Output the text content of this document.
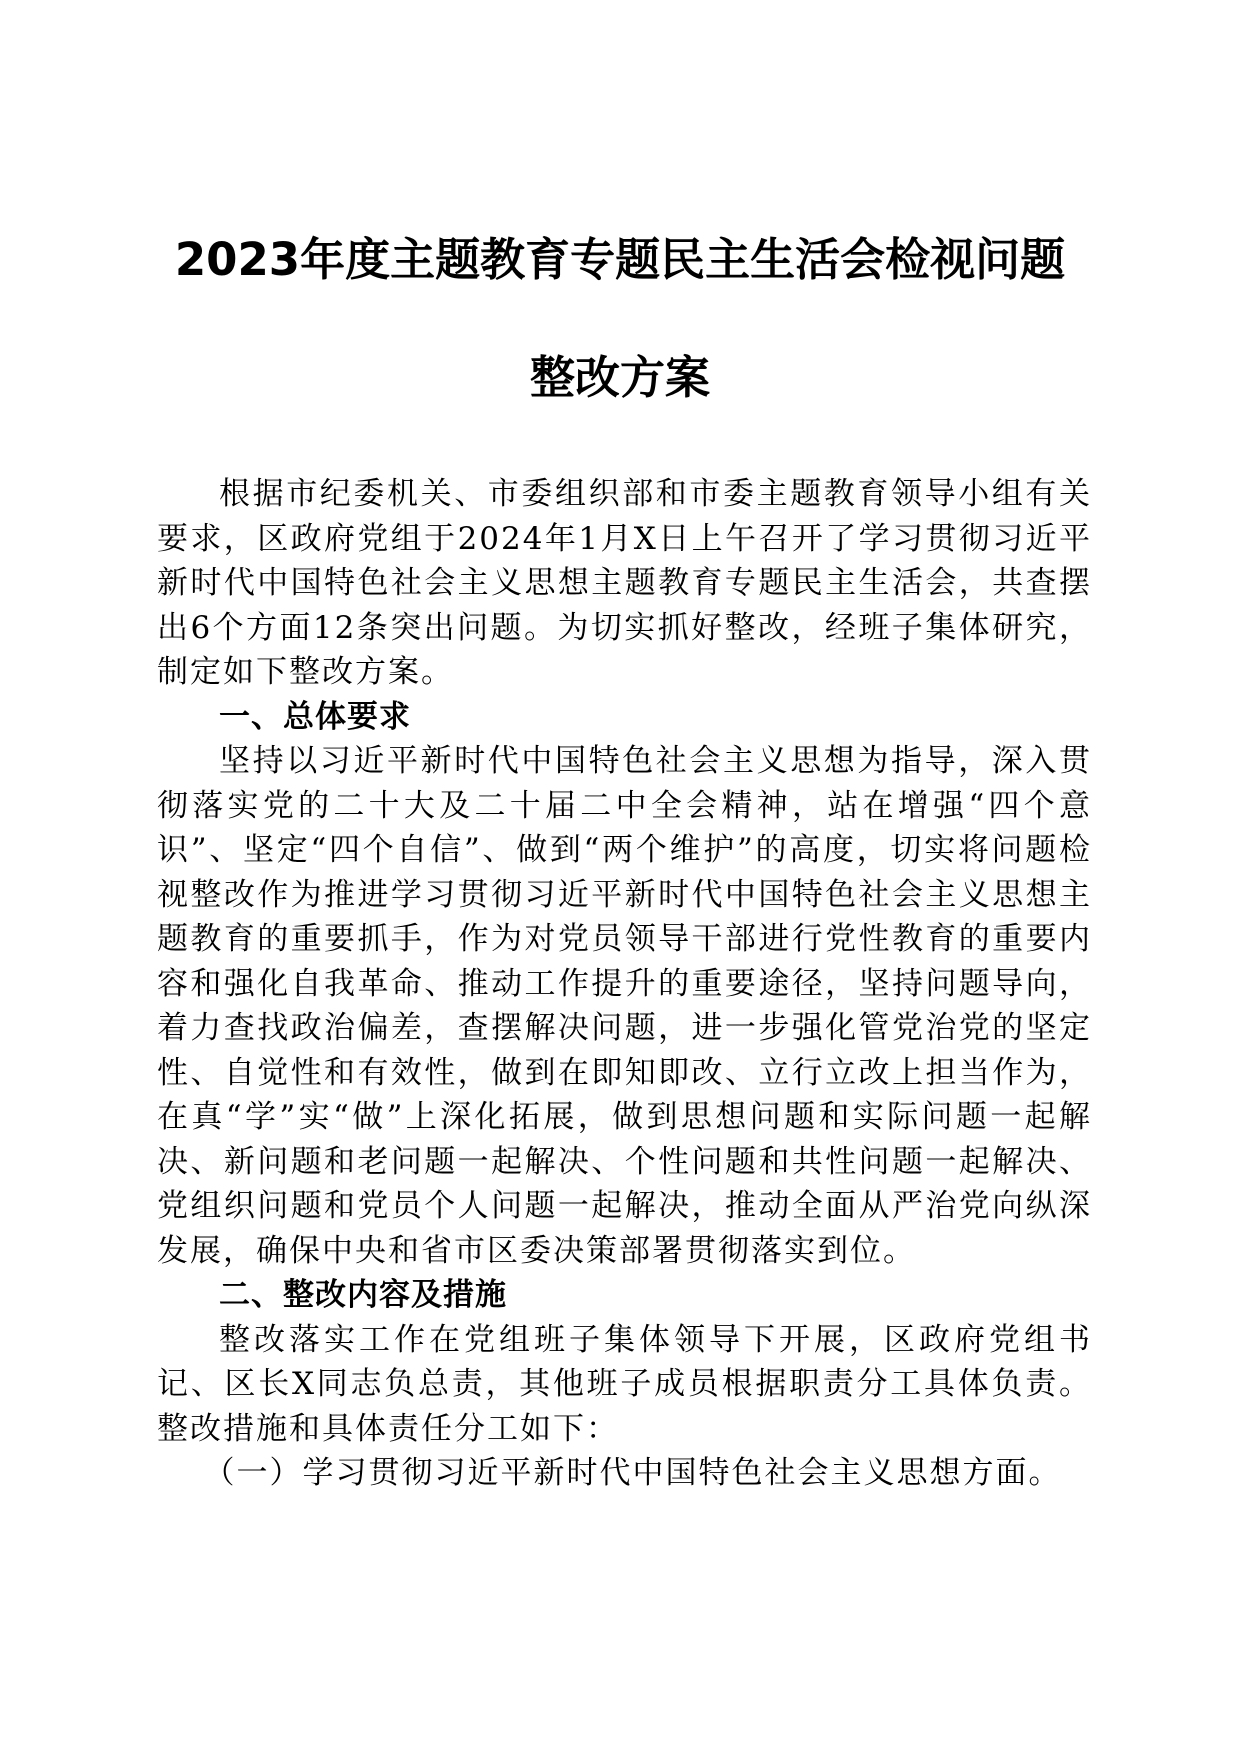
2023年度主题教育专题民主生活会检视问题
整改方案

根据市纪委机关、市委组织部和市委主题教育领导小组有关要求，区政府党组于2024年1月X日上午召开了学习贯彻习近平新时代中国特色社会主义思想主题教育专题民主生活会，共查摆出6个方面12条突出问题。为切实抓好整改，经班子集体研究，制定如下整改方案。

一、总体要求

坚持以习近平新时代中国特色社会主义思想为指导，深入贯彻落实党的二十大及二十届二中全会精神，站在增强“四个意识”、坚定“四个自信”、做到“两个维护”的高度，切实将问题检视整改作为推进学习贯彻习近平新时代中国特色社会主义思想主题教育的重要抓手，作为对党员领导干部进行党性教育的重要内容和强化自我革命、推动工作提升的重要途径，坚持问题导向，着力查找政治偏差，查摆解决问题，进一步强化管党治党的坚定性、自觉性和有效性，做到在即知即改、立行立改上担当作为，在真“学”实“做”上深化拓展，做到思想问题和实际问题一起解决、新问题和老问题一起解决、个性问题和共性问题一起解决、党组织问题和党员个人问题一起解决，推动全面从严治党向纵深发展，确保中央和省市区委决策部署贯彻落实到位。

二、整改内容及措施

整改落实工作在党组班子集体领导下开展，区政府党组书记、区长X同志负总责，其他班子成员根据职责分工具体负责。整改措施和具体责任分工如下：

（一）学习贯彻习近平新时代中国特色社会主义思想方面。
